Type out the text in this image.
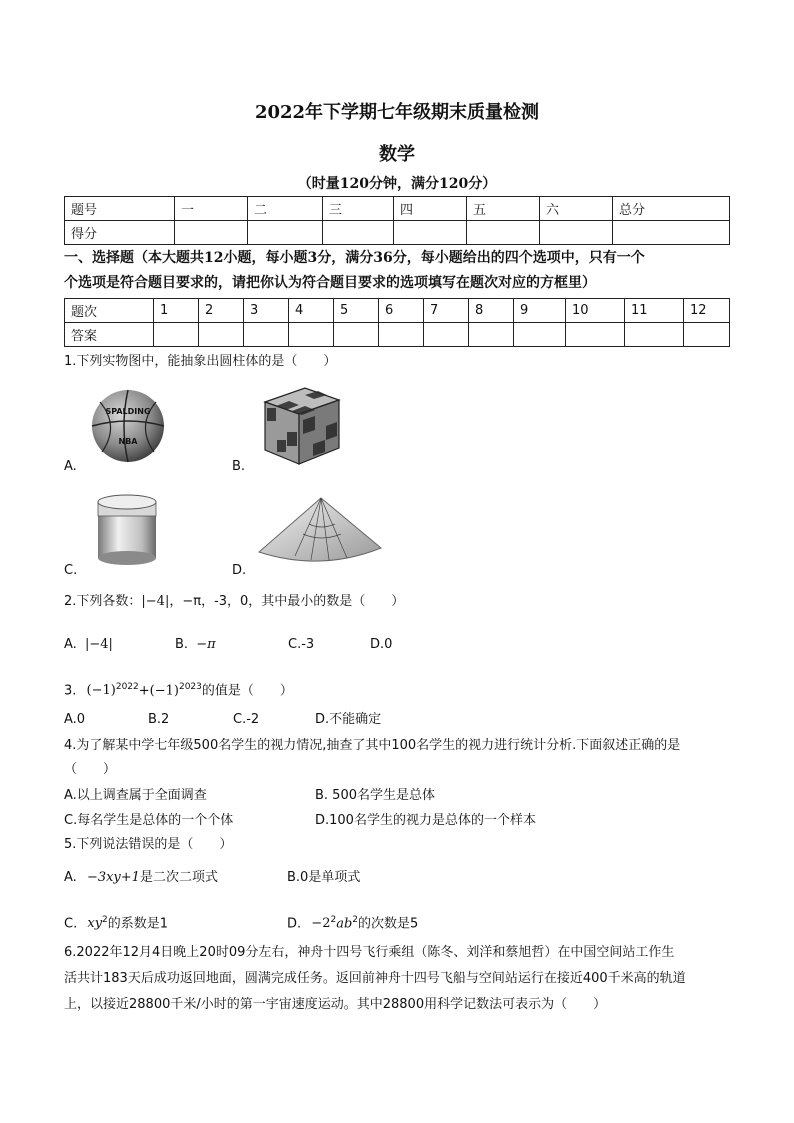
2022年下学期七年级期末质量检测
数学
（时量120分钟，满分120分）
题号	一	二	三	四	五	六	总分
得分							
一、选择题（本大题共12小题，每小题3分，满分36分，每小题给出的四个选项中，只有一个
个选项是符合题目要求的，请把你认为符合题目要求的选项填写在题次对应的方框里）
题次	1	2	3	4	5	6	7	8	9	10	11	12
答案												
1.下列实物图中，能抽象出圆柱体的是（　　）
SPALDING
NBA
A.	B.
C.	D.
2.下列各数：|−4|，−π，-3，0，其中最小的数是（　　）
A. |−4|	B. −π	C.-3	D.0
3. $(-1)^{2022}+(-1)^{2023}$的值是（　　）
A.0	B.2	C.-2	D.不能确定
4.为了解某中学七年级500名学生的视力情况,抽查了其中100名学生的视力进行统计分析.下面叙述正确的是
（　　）
A.以上调查属于全面调查	B. 500名学生是总体
C.每名学生是总体的一个个体	D.100名学生的视力是总体的一个样本
5.下列说法错误的是（　　）
A. −3xy+1是二次二项式	B.0是单项式
C. $xy^2$的系数是1	D. $-2^2ab^2$的次数是5
6.2022年12月4日晚上20时09分左右，神舟十四号飞行乘组（陈冬、刘洋和蔡旭哲）在中国空间站工作生
活共计183天后成功返回地面，圆满完成任务。返回前神舟十四号飞船与空间站运行在接近400千米高的轨道
上，以接近28800千米/小时的第一宇宙速度运动。其中28800用科学记数法可表示为（　　）
